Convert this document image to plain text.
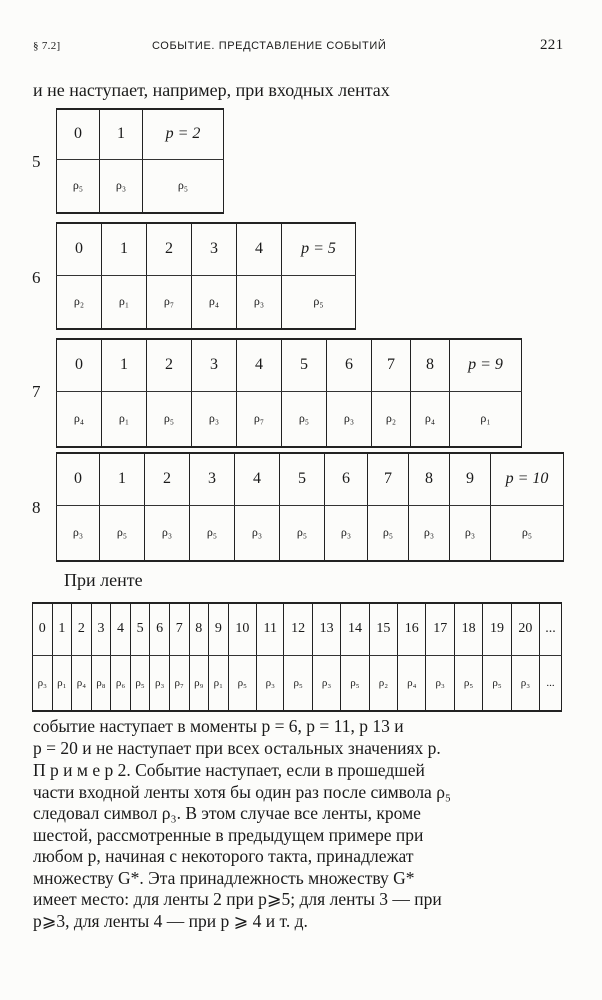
§ 7.2]	СОБЫТИЕ. ПРЕДСТАВЛЕНИЕ СОБЫТИЙ	221
и не наступает, например, при входных лентах
5
0	1	p = 2
ρ₅	ρ₃	ρ₅
6
0	1	2	3	4	p = 5
ρ₂	ρ₁	ρ₇	ρ₄	ρ₃	ρ₅
7
0	1	2	3	4	5	6	7	8	p = 9
ρ₄	ρ₁	ρ₅	ρ₃	ρ₇	ρ₅	ρ₃	ρ₂	ρ₄	ρ₁
8
0	1	2	3	4	5	6	7	8	9	p = 10
ρ₃	ρ₅	ρ₃	ρ₅	ρ₃	ρ₅	ρ₃	ρ₅	ρ₃	ρ₃	ρ₅
При ленте
0	1	2	3	4	5	6	7	8	9	10	11	12	13	14	15	16	17	18	19	20	...
ρ₃	ρ₁	ρ₄	ρ₈	ρ₆	ρ₅	ρ₃	ρ₇	ρ₉	ρ₁	ρ₅	ρ₃	ρ₅	ρ₃	ρ₅	ρ₂	ρ₄	ρ₃	ρ₅	ρ₅	ρ₃	...
событие наступает в моменты p = 6, p = 11, p 13 и
p = 20 и не наступает при всех остальных значениях p.
П р и м е р 2. Событие наступает, если в прошедшей
части входной ленты хотя бы один раз после символа ρ₅
следовал символ ρ₃. В этом случае все ленты, кроме
шестой, рассмотренные в предыдущем примере при
любом p, начиная с некоторого такта, принадлежат
множеству G*. Эта принадлежность множеству G*
имеет место: для ленты 2 при p⩾5; для ленты 3 — при
p⩾3, для ленты 4 — при p ⩾ 4 и т. д.
